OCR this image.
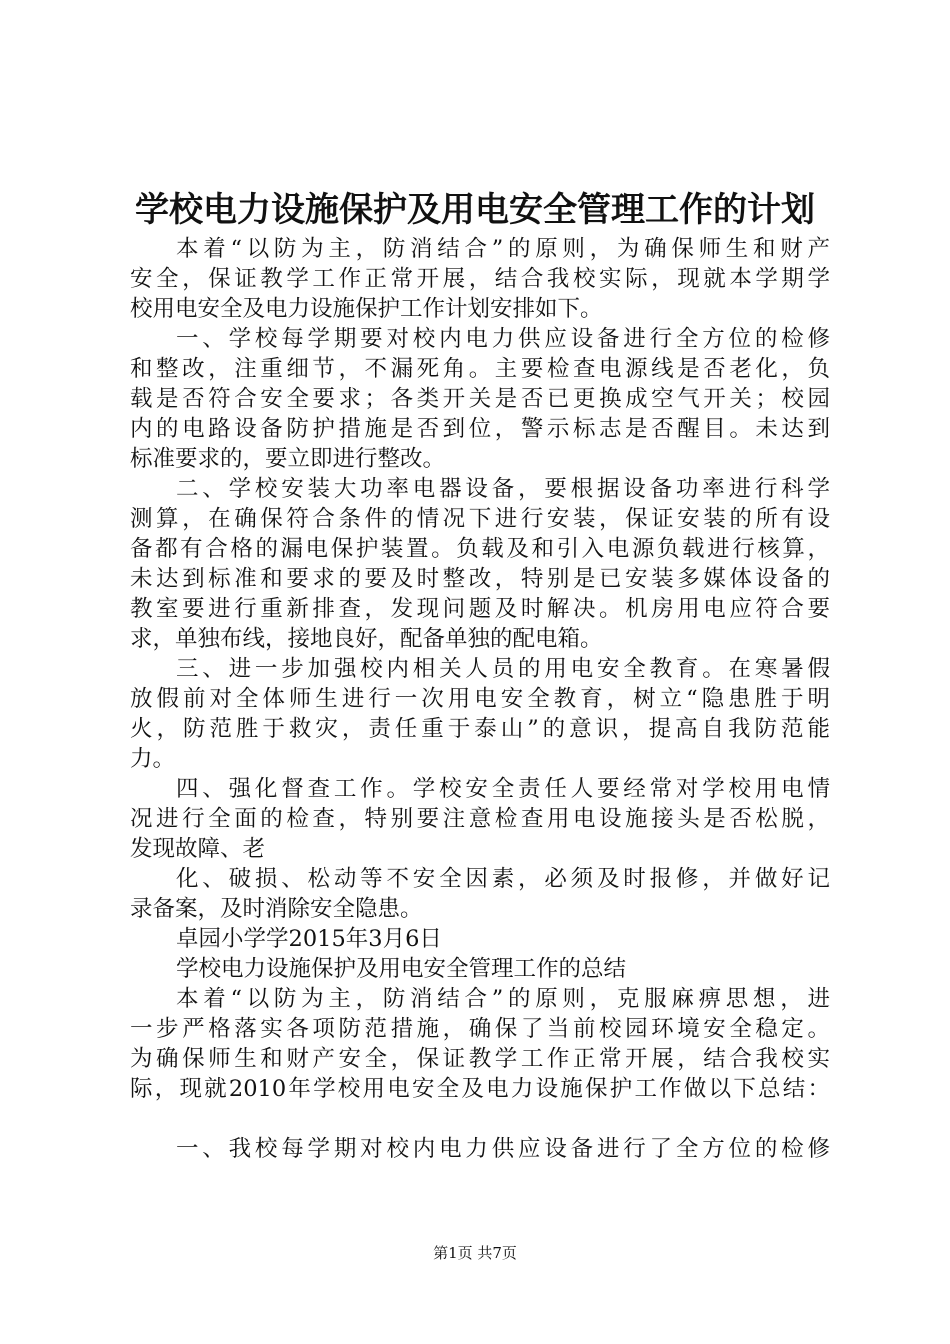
学校电力设施保护及用电安全管理工作的计划
本着“以防为主，防消结合”的原则，为确保师生和财产
安全，保证教学工作正常开展，结合我校实际，现就本学期学
校用电安全及电力设施保护工作计划安排如下。
一、学校每学期要对校内电力供应设备进行全方位的检修
和整改，注重细节，不漏死角。主要检查电源线是否老化，负
载是否符合安全要求；各类开关是否已更换成空气开关；校园
内的电路设备防护措施是否到位，警示标志是否醒目。未达到
标准要求的，要立即进行整改。
二、学校安装大功率电器设备，要根据设备功率进行科学
测算，在确保符合条件的情况下进行安装，保证安装的所有设
备都有合格的漏电保护装置。负载及和引入电源负载进行核算，
未达到标准和要求的要及时整改，特别是已安装多媒体设备的
教室要进行重新排查，发现问题及时解决。机房用电应符合要
求，单独布线，接地良好，配备单独的配电箱。
三、进一步加强校内相关人员的用电安全教育。在寒暑假
放假前对全体师生进行一次用电安全教育，树立“隐患胜于明
火，防范胜于救灾，责任重于泰山”的意识，提高自我防范能
力。
四、强化督查工作。学校安全责任人要经常对学校用电情
况进行全面的检查，特别要注意检查用电设施接头是否松脱，
发现故障、老
化、破损、松动等不安全因素，必须及时报修，并做好记
录备案，及时消除安全隐患。
卓园小学学2015年3月6日
学校电力设施保护及用电安全管理工作的总结
本着“以防为主，防消结合”的原则，克服麻痹思想，进
一步严格落实各项防范措施，确保了当前校园环境安全稳定。
为确保师生和财产安全，保证教学工作正常开展，结合我校实
际，现就2010年学校用电安全及电力设施保护工作做以下总结：
一、我校每学期对校内电力供应设备进行了全方位的检修
第1页 共7页
